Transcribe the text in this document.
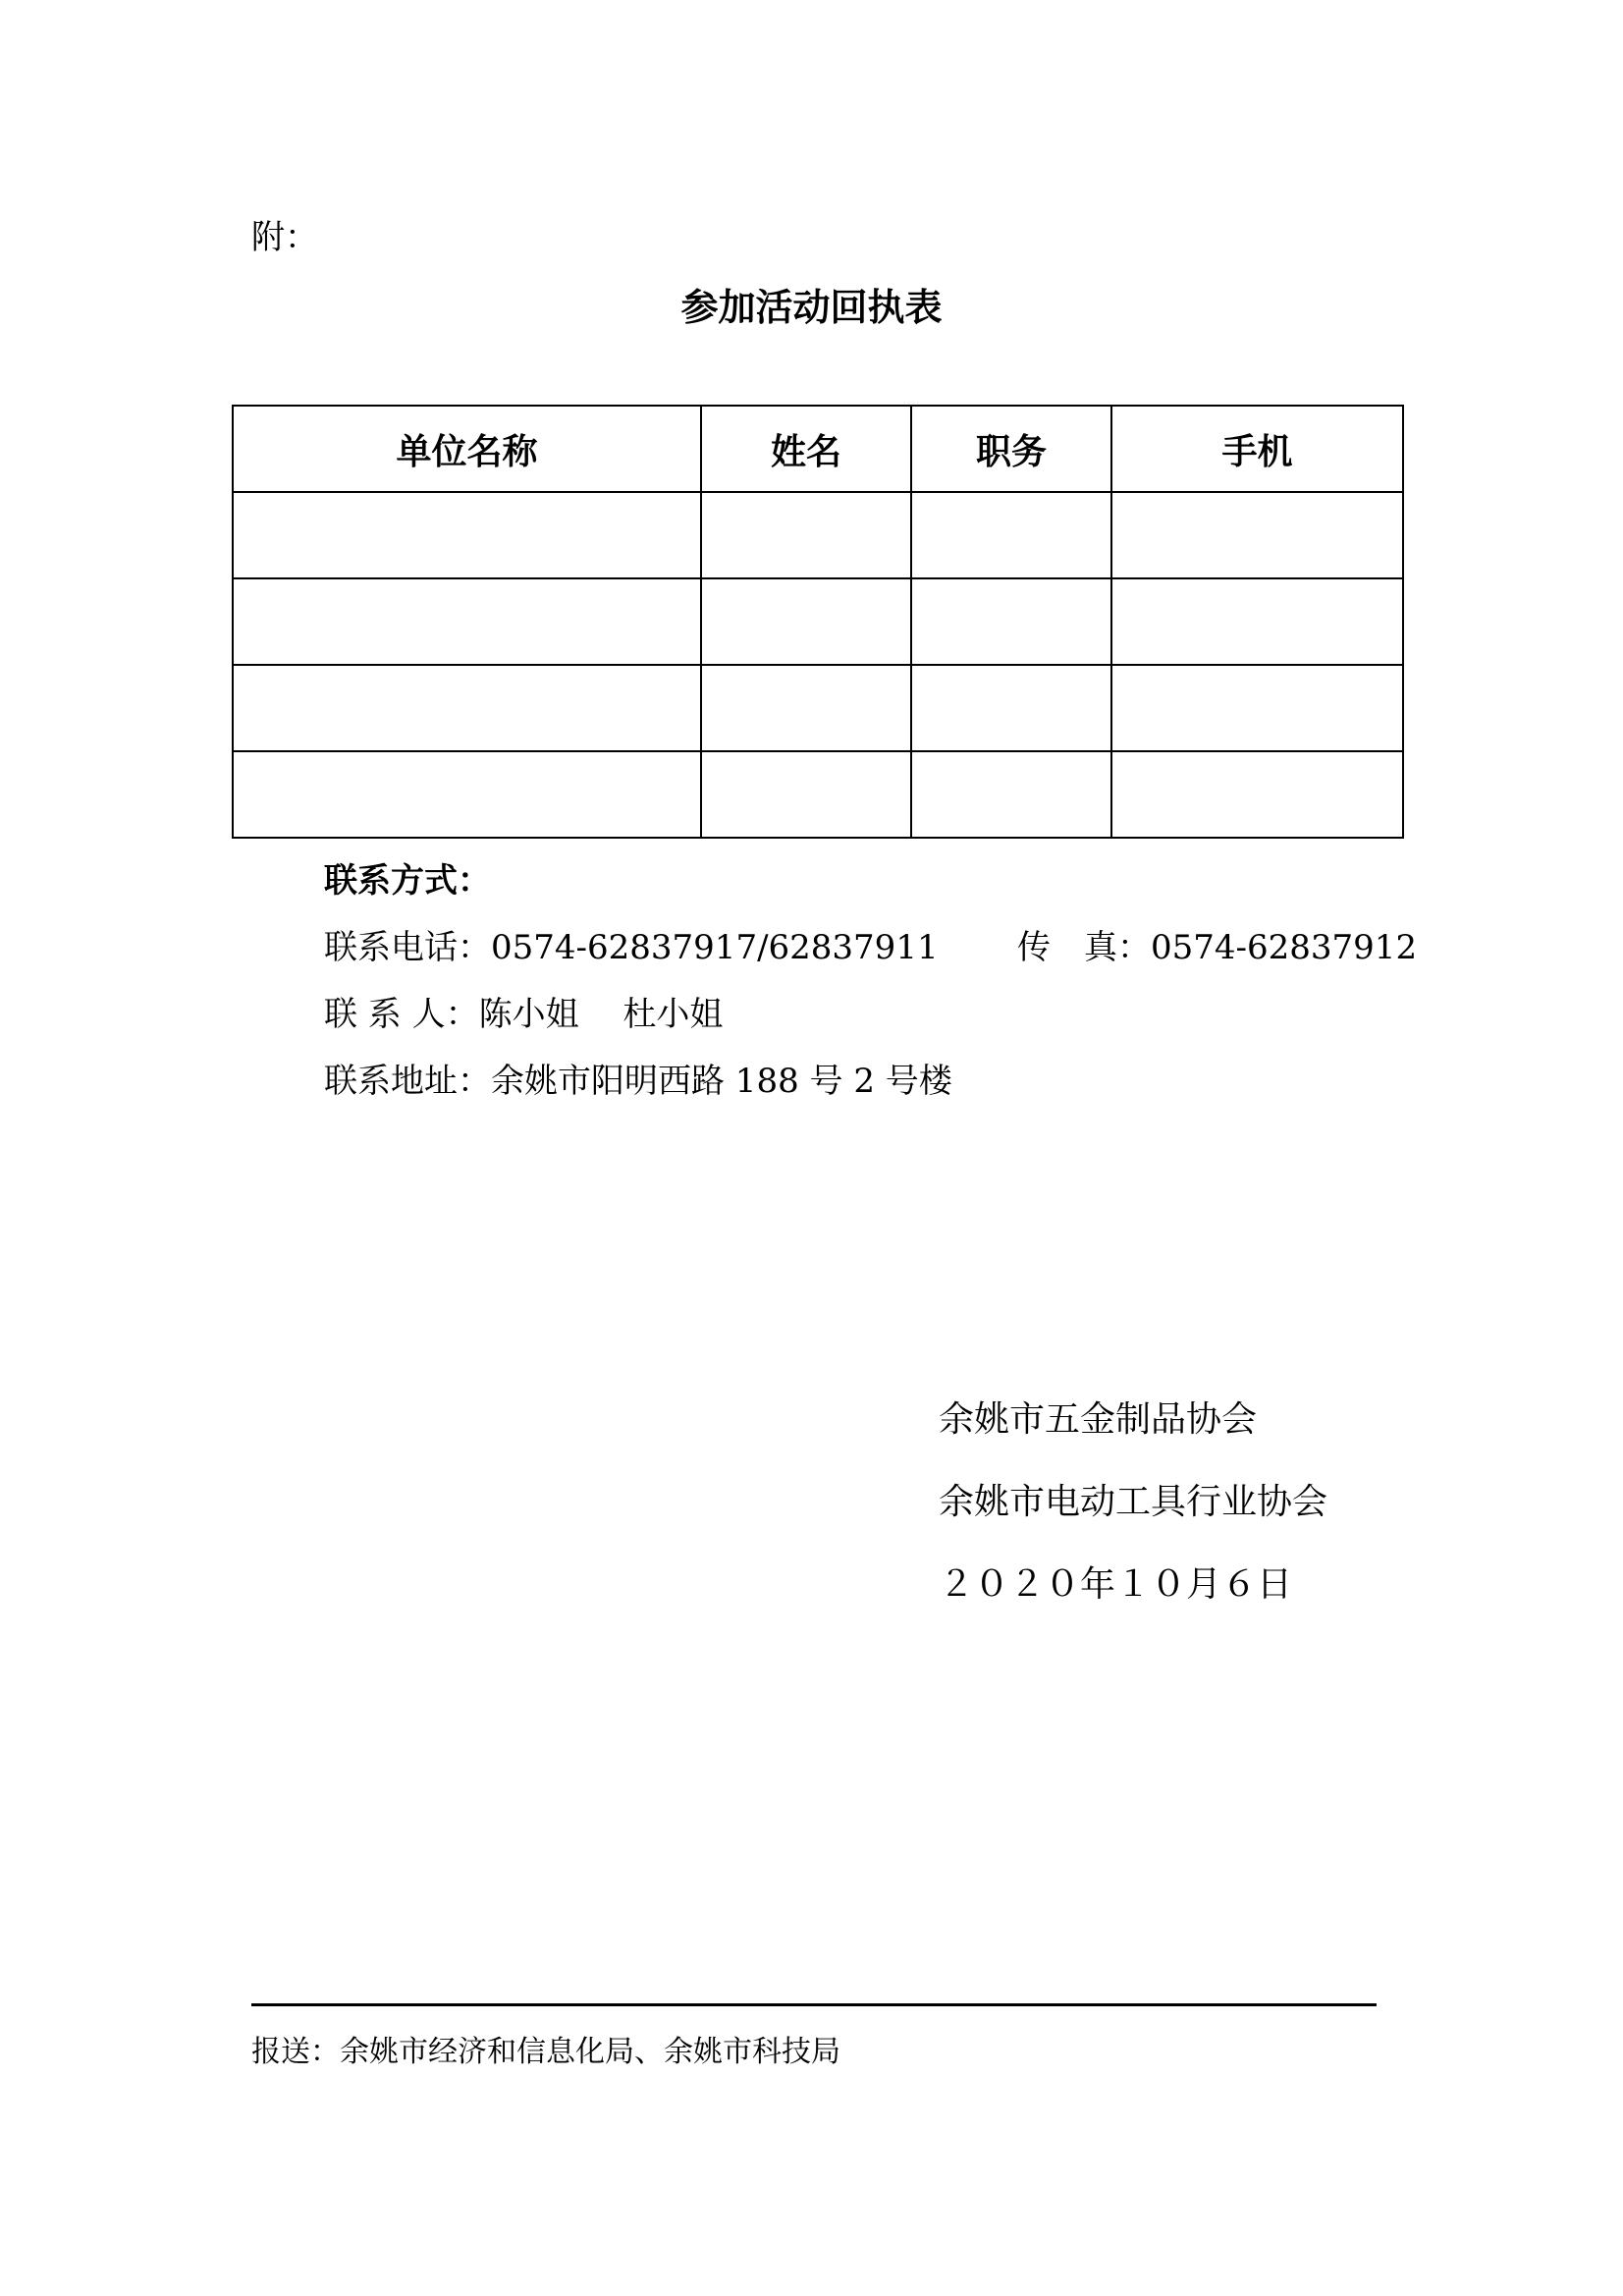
附：
参加活动回执表
单位名称	姓名	职务	手机

联系方式：
联系电话：0574-62837917/62837911 传　真：0574-62837912
联 系 人：陈小姐　 杜小姐
联系地址：余姚市阳明西路 188 号 2 号楼
余姚市五金制品协会
余姚市电动工具行业协会
２０２０年１０月６日
报送：余姚市经济和信息化局、余姚市科技局
